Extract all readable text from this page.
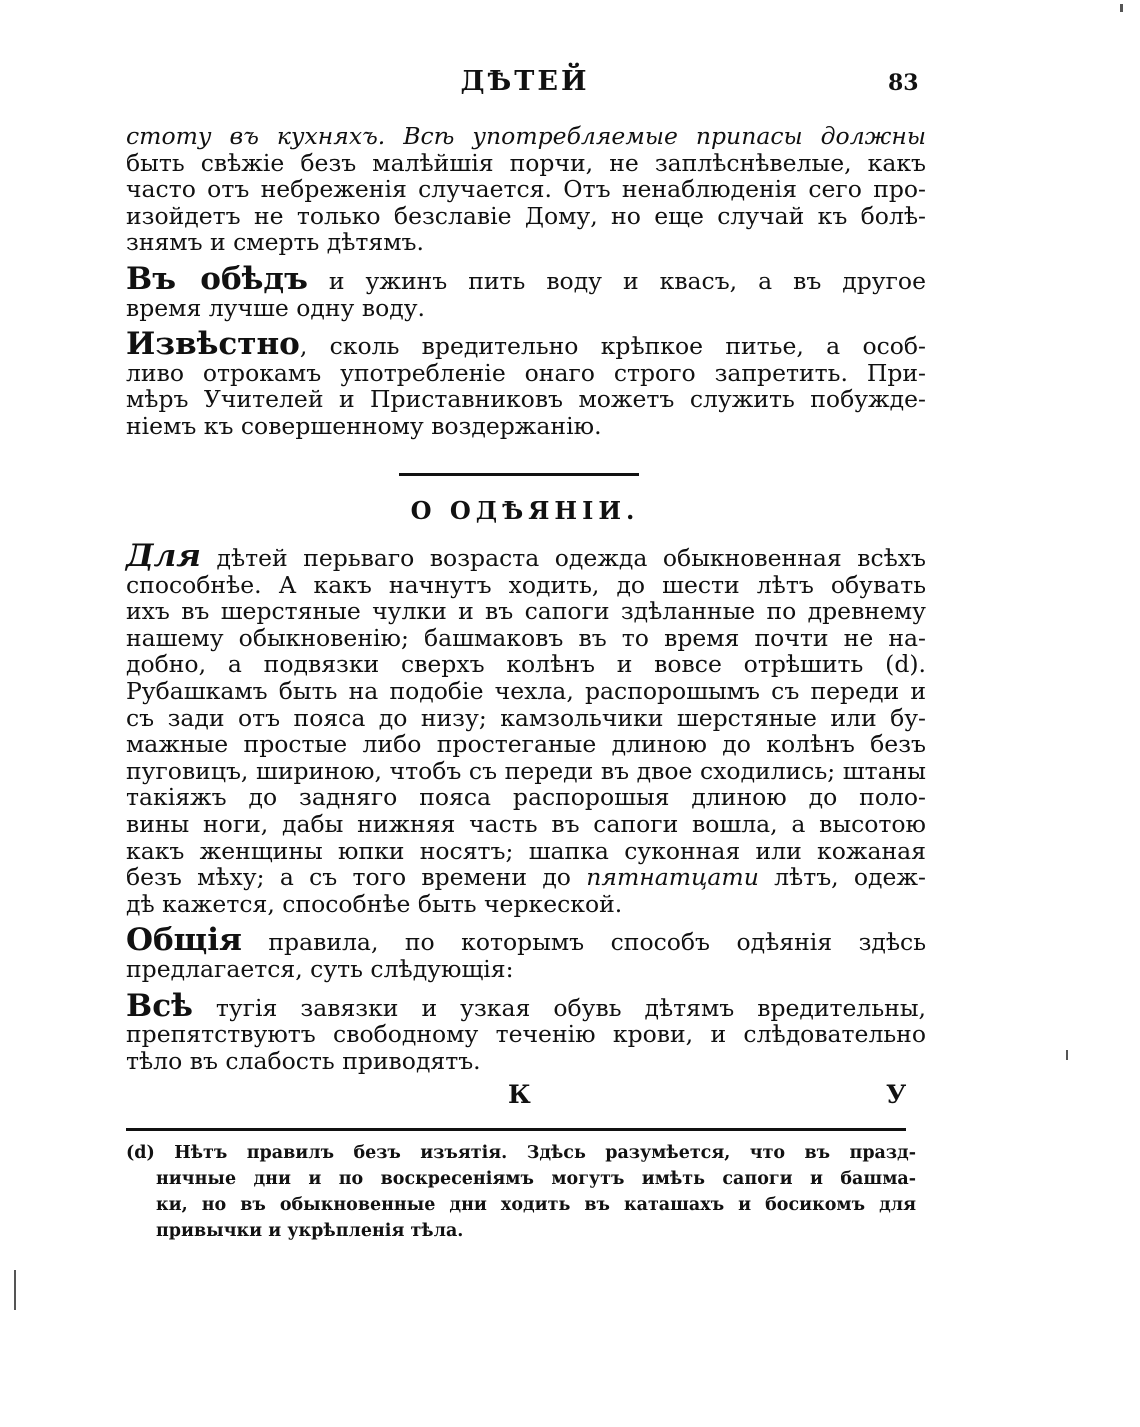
ДѢТЕЙ	83

стоту въ кухняхъ. Всѣ употребляемые припасы должны
быть свѣжіе безъ малѣйшія порчи, не заплѣснѣвелые, какъ
часто отъ небреженія случается. Отъ ненаблюденія сего про-
изойдетъ не только безславіе Дому, но еще случай къ болѣ-
знямъ и смерть дѣтямъ.

Въ обѣдъ и ужинъ пить воду и квасъ, а въ другое
время лучше одну воду.

Извѣстно, сколь вредительно крѣпкое питье, а особ-
ливо отрокамъ употребленіе онаго строго запретить. При-
мѣръ Учителей и Приставниковъ можетъ служить побужде-
ніемъ къ совершенному воздержанію.

О ОДѢЯНІИ.

Для дѣтей перьваго возраста одежда обыкновенная всѣхъ
способнѣе. А какъ начнутъ ходить, до шести лѣтъ обувать
ихъ въ шерстяные чулки и въ сапоги здѣланные по древнему
нашему обыкновенію; башмаковъ въ то время почти не на-
добно, а подвязки сверхъ колѣнъ и вовсе отрѣшить (d).
Рубашкамъ быть на подобіе чехла, распорошымъ съ переди и
съ зади отъ пояса до низу; камзольчики шерстяные или бу-
мажные простые либо простеганые длиною до колѣнъ безъ
пуговицъ, шириною, чтобъ съ переди въ двое сходились; штаны
такіяжъ до задняго пояса распорошыя длиною до поло-
вины ноги, дабы нижняя часть въ сапоги вошла, а высотою
какъ женщины юпки носятъ; шапка суконная или кожаная
безъ мѣху; а съ того времени до пятнатцати лѣтъ, одеж-
дѣ кажется, способнѣе быть черкеской.

Общія правила, по которымъ способъ одѣянія здѣсь
предлагается, суть слѣдующія:

Всѣ тугія завязки и узкая обувь дѣтямъ вредительны,
препятствуютъ свободному теченію крови, и слѣдовательно
тѣло въ слабость приводятъ.

К	У
(d) Нѣтъ правилъ безъ изъятія. Здѣсь разумѣется, что въ празд-
ничные дни и по воскресеніямъ могутъ имѣть сапоги и башма-
ки, но въ обыкновенные дни ходить въ каташахъ и босикомъ для
привычки и укрѣпленія тѣла.
